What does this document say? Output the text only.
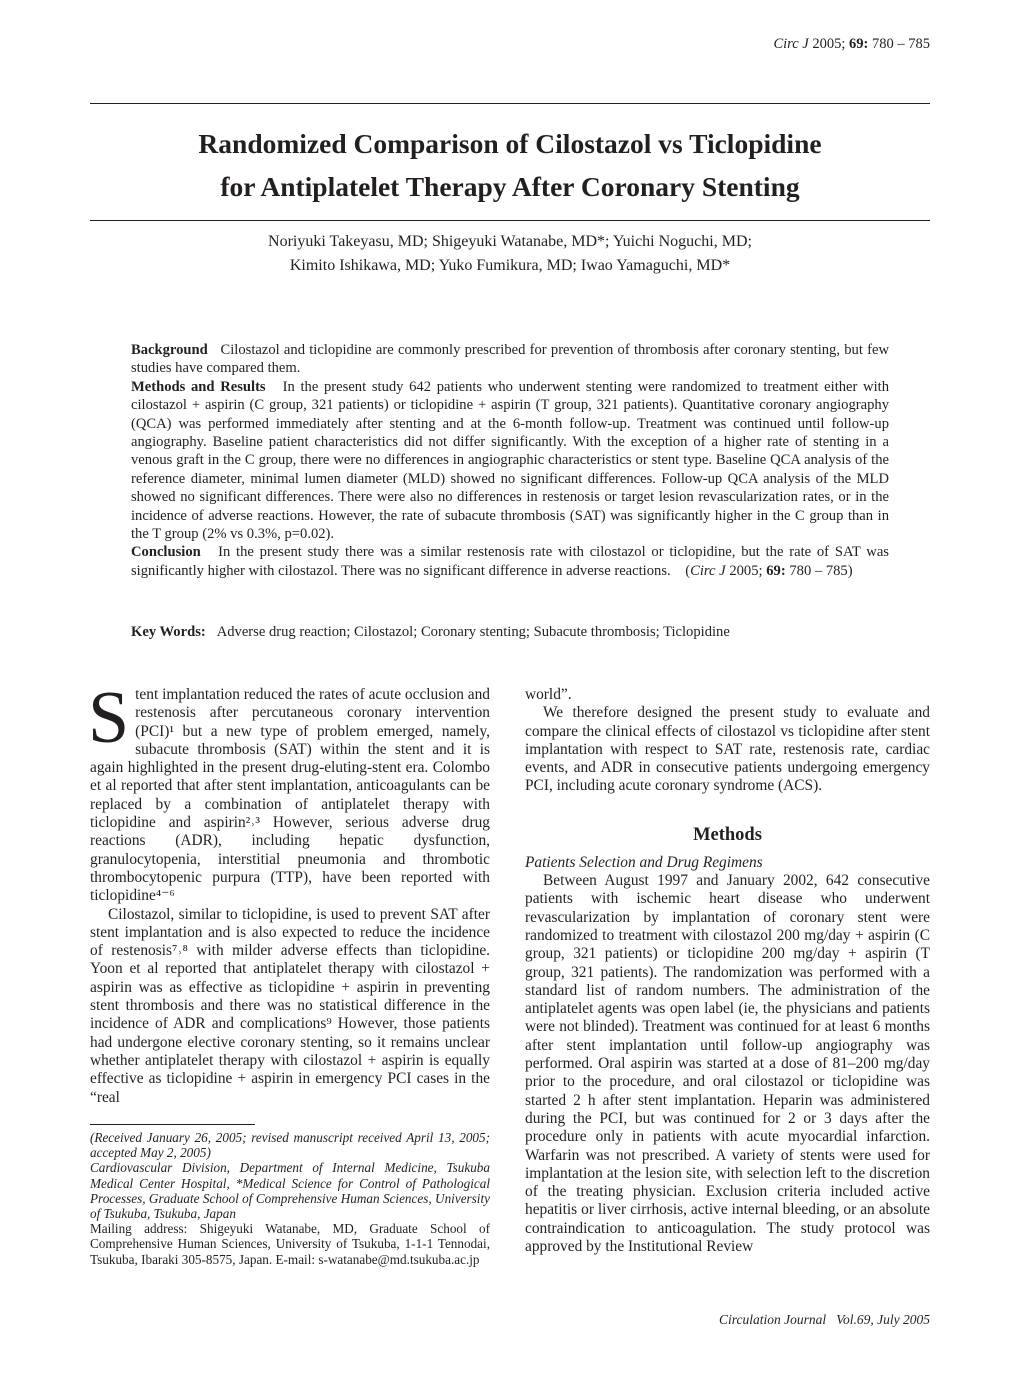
Circ J 2005; 69: 780 – 785
Randomized Comparison of Cilostazol vs Ticlopidine
for Antiplatelet Therapy After Coronary Stenting
Noriyuki Takeyasu, MD; Shigeyuki Watanabe, MD*; Yuichi Noguchi, MD;
Kimito Ishikawa, MD; Yuko Fumikura, MD; Iwao Yamaguchi, MD*

Background Cilostazol and ticlopidine are commonly prescribed for prevention of thrombosis after coronary stenting, but few studies have compared them.

Methods and Results In the present study 642 patients who underwent stenting were randomized to treatment either with cilostazol + aspirin (C group, 321 patients) or ticlopidine + aspirin (T group, 321 patients). Quantitative coronary angiography (QCA) was performed immediately after stenting and at the 6-month follow-up. Treatment was continued until follow-up angiography. Baseline patient characteristics did not differ significantly. With the exception of a higher rate of stenting in a venous graft in the C group, there were no differences in angiographic characteristics or stent type. Baseline QCA analysis of the reference diameter, minimal lumen diameter (MLD) showed no significant differences. Follow-up QCA analysis of the MLD showed no significant differences. There were also no differences in restenosis or target lesion revascularization rates, or in the incidence of adverse reactions. However, the rate of subacute thrombosis (SAT) was significantly higher in the C group than in the T group (2% vs 0.3%, p=0.02).

Conclusion In the present study there was a similar restenosis rate with cilostazol or ticlopidine, but the rate of SAT was significantly higher with cilostazol. There was no significant difference in adverse reactions. (Circ J 2005; 69: 780 – 785)

Key Words: Adverse drug reaction; Cilostazol; Coronary stenting; Subacute thrombosis; Ticlopidine

Stent implantation reduced the rates of acute occlusion and restenosis after percutaneous coronary intervention (PCI)¹ but a new type of problem emerged, namely, subacute thrombosis (SAT) within the stent and it is again highlighted in the present drug-eluting-stent era. Colombo et al reported that after stent implantation, anticoagulants can be replaced by a combination of antiplatelet therapy with ticlopidine and aspirin²˒³ However, serious adverse drug reactions (ADR), including hepatic dysfunction, granulocytopenia, interstitial pneumonia and thrombotic thrombocytopenic purpura (TTP), have been reported with ticlopidine⁴⁻⁶

Cilostazol, similar to ticlopidine, is used to prevent SAT after stent implantation and is also expected to reduce the incidence of restenosis⁷˒⁸ with milder adverse effects than ticlopidine. Yoon et al reported that antiplatelet therapy with cilostazol + aspirin was as effective as ticlopidine + aspirin in preventing stent thrombosis and there was no statistical difference in the incidence of ADR and complications⁹ However, those patients had undergone elective coronary stenting, so it remains unclear whether antiplatelet therapy with cilostazol + aspirin is equally effective as ticlopidine + aspirin in emergency PCI cases in the “real

(Received January 26, 2005; revised manuscript received April 13, 2005; accepted May 2, 2005)

Cardiovascular Division, Department of Internal Medicine, Tsukuba Medical Center Hospital, *Medical Science for Control of Pathological Processes, Graduate School of Comprehensive Human Sciences, University of Tsukuba, Tsukuba, Japan

Mailing address: Shigeyuki Watanabe, MD, Graduate School of Comprehensive Human Sciences, University of Tsukuba, 1-1-1 Tennodai, Tsukuba, Ibaraki 305-8575, Japan. E-mail: s-watanabe@md.tsukuba.ac.jp

world”.

We therefore designed the present study to evaluate and compare the clinical effects of cilostazol vs ticlopidine after stent implantation with respect to SAT rate, restenosis rate, cardiac events, and ADR in consecutive patients undergoing emergency PCI, including acute coronary syndrome (ACS).

Methods

Patients Selection and Drug Regimens

Between August 1997 and January 2002, 642 consecutive patients with ischemic heart disease who underwent revascularization by implantation of coronary stent were randomized to treatment with cilostazol 200 mg/day + aspirin (C group, 321 patients) or ticlopidine 200 mg/day + aspirin (T group, 321 patients). The randomization was performed with a standard list of random numbers. The administration of the antiplatelet agents was open label (ie, the physicians and patients were not blinded). Treatment was continued for at least 6 months after stent implantation until follow-up angiography was performed. Oral aspirin was started at a dose of 81–200 mg/day prior to the procedure, and oral cilostazol or ticlopidine was started 2 h after stent implantation. Heparin was administered during the PCI, but was continued for 2 or 3 days after the procedure only in patients with acute myocardial infarction. Warfarin was not prescribed. A variety of stents were used for implantation at the lesion site, with selection left to the discretion of the treating physician. Exclusion criteria included active hepatitis or liver cirrhosis, active internal bleeding, or an absolute contraindication to anticoagulation. The study protocol was approved by the Institutional Review

Circulation Journal Vol.69, July 2005
